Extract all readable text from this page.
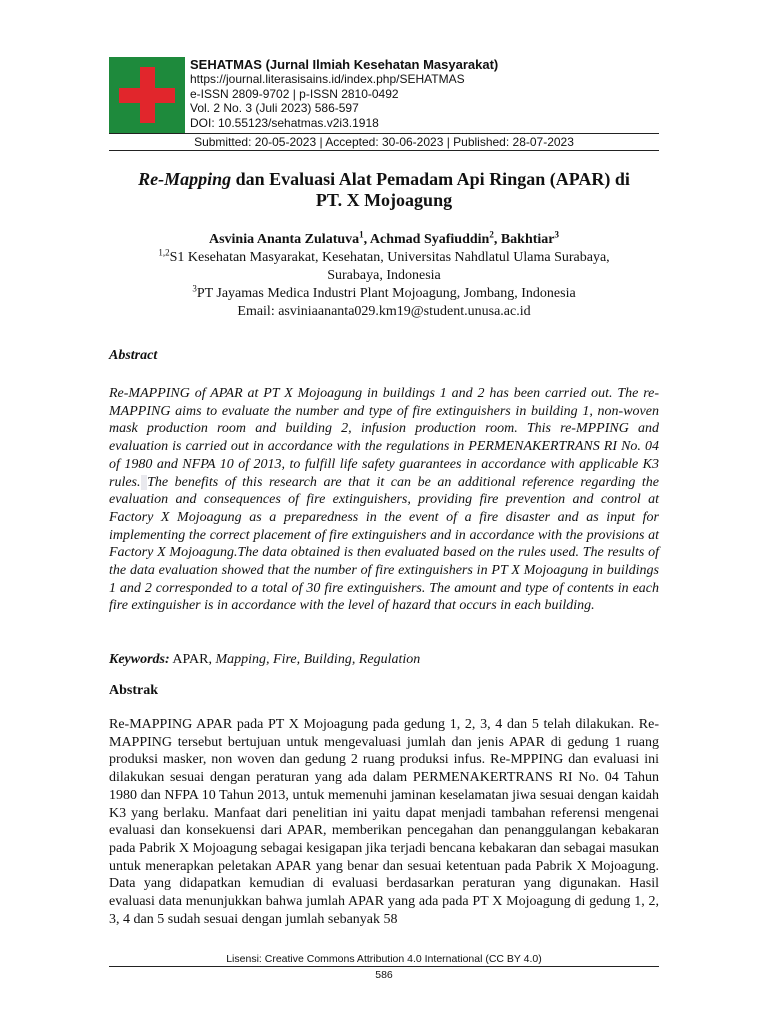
SEHATMAS (Jurnal Ilmiah Kesehatan Masyarakat)
https://journal.literasisains.id/index.php/SEHATMAS
e-ISSN 2809-9702 | p-ISSN 2810-0492
Vol. 2 No. 3 (Juli 2023) 586-597
DOI: 10.55123/sehatmas.v2i3.1918
Submitted: 20-05-2023 | Accepted: 30-06-2023 | Published: 28-07-2023
Re-Mapping dan Evaluasi Alat Pemadam Api Ringan (APAR) di
PT. X Mojoagung
Asvinia Ananta Zulatuva$^1$, Achmad Syafiuddin$^2$, Bakhtiar$^3$
$^{1,2}$S1 Kesehatan Masyarakat, Kesehatan, Universitas Nahdlatul Ulama Surabaya,
Surabaya, Indonesia
$^3$PT Jayamas Medica Industri Plant Mojoagung, Jombang, Indonesia
Email: asviniaananta029.km19@student.unusa.ac.id
Abstract
Re-MAPPING of APAR at PT X Mojoagung in buildings 1 and 2 has been carried out. The re-MAPPING aims to evaluate the number and type of fire extinguishers in building 1, non-woven mask production room and building 2, infusion production room. This re-MPPING and evaluation is carried out in accordance with the regulations in PERMENAKERTRANS RI No. 04 of 1980 and NFPA 10 of 2013, to fulfill life safety guarantees in accordance with applicable K3 rules. The benefits of this research are that it can be an additional reference regarding the evaluation and consequences of fire extinguishers, providing fire prevention and control at Factory X Mojoagung as a preparedness in the event of a fire disaster and as input for implementing the correct placement of fire extinguishers and in accordance with the provisions at Factory X Mojoagung.The data obtained is then evaluated based on the rules used. The results of the data evaluation showed that the number of fire extinguishers in PT X Mojoagung in buildings 1 and 2 corresponded to a total of 30 fire extinguishers. The amount and type of contents in each fire extinguisher is in accordance with the level of hazard that occurs in each building.
Keywords: APAR, Mapping, Fire, Building, Regulation
Abstrak
Re-MAPPING APAR pada PT X Mojoagung pada gedung 1, 2, 3, 4 dan 5 telah dilakukan. Re-MAPPING tersebut bertujuan untuk mengevaluasi jumlah dan jenis APAR di gedung 1 ruang produksi masker, non woven dan gedung 2 ruang produksi infus. Re-MPPING dan evaluasi ini dilakukan sesuai dengan peraturan yang ada dalam PERMENAKERTRANS RI No. 04 Tahun 1980 dan NFPA 10 Tahun 2013, untuk memenuhi jaminan keselamatan jiwa sesuai dengan kaidah K3 yang berlaku. Manfaat dari penelitian ini yaitu dapat menjadi tambahan referensi mengenai evaluasi dan konsekuensi dari APAR, memberikan pencegahan dan penanggulangan kebakaran pada Pabrik X Mojoagung sebagai kesigapan jika terjadi bencana kebakaran dan sebagai masukan untuk menerapkan peletakan APAR yang benar dan sesuai ketentuan pada Pabrik X Mojoagung. Data yang didapatkan kemudian di evaluasi berdasarkan peraturan yang digunakan. Hasil evaluasi data menunjukkan bahwa jumlah APAR yang ada pada PT X Mojoagung di gedung 1, 2, 3, 4 dan 5 sudah sesuai dengan jumlah sebanyak 58
Lisensi: Creative Commons Attribution 4.0 International (CC BY 4.0)
586
